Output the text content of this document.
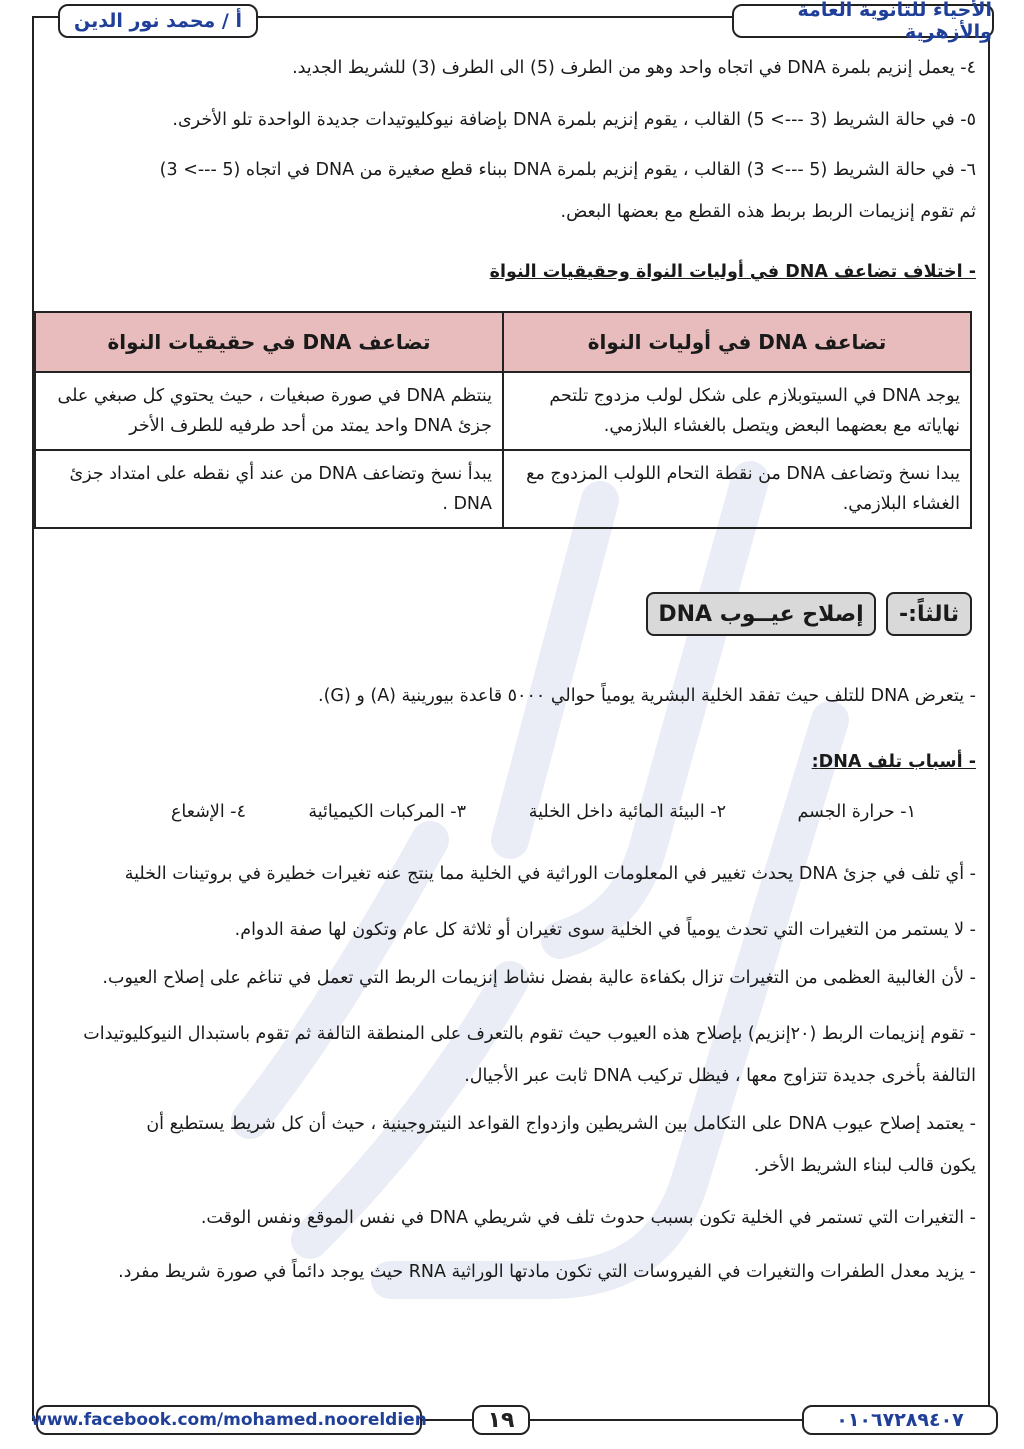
الأحياء للثانوية العامة والأزهرية
أ / محمد نور الدين
٤- يعمل إنزيم بلمرة DNA في اتجاه واحد وهو من الطرف (5) الى الطرف (3) للشريط الجديد.
٥- في حالة الشريط (3 ---> 5) القالب ، يقوم إنزيم بلمرة DNA بإضافة نيوكليوتيدات جديدة الواحدة تلو الأخرى.
٦- في حالة الشريط (5 ---> 3) القالب ، يقوم إنزيم بلمرة DNA ببناء قطع صغيرة من DNA في اتجاه (5 ---> 3)
ثم تقوم إنزيمات الربط بربط هذه القطع مع بعضها البعض.
- اختلاف تضاعف DNA في أوليات النواة وحقيقيات النواة
تضاعف DNA في أوليات النواة	تضاعف DNA في حقيقيات النواة
يوجد DNA في السيتوبلازم على شكل لولب مزدوج تلتحم نهاياته مع بعضهما البعض ويتصل بالغشاء البلازمي.	ينتظم DNA في صورة صبغيات ، حيث يحتوي كل صبغي على جزئ DNA واحد يمتد من أحد طرفيه للطرف الأخر
يبدا نسخ وتضاعف DNA من نقطة التحام اللولب المزدوج مع الغشاء البلازمي.	يبدأ نسخ وتضاعف DNA من عند أي نقطه على امتداد جزئ DNA .
ثالثاً:-
إصلاح عيــوب DNA
- يتعرض DNA للتلف حيث تفقد الخلية البشرية يومياً حوالي ٥٠٠٠ قاعدة بيورينية (A) و (G).
- أسباب تلف DNA:
١- حرارة الجسم
٢- البيئة المائية داخل الخلية
٣- المركبات الكيميائية
٤- الإشعاع
- أي تلف في جزئ DNA يحدث تغيير في المعلومات الوراثية في الخلية مما ينتج عنه تغيرات خطيرة في بروتينات الخلية
- لا يستمر من التغيرات التي تحدث يومياً في الخلية سوى تغيران أو ثلاثة كل عام وتكون لها صفة الدوام.
- لأن الغالبية العظمى من التغيرات تزال بكفاءة عالية بفضل نشاط إنزيمات الربط التي تعمل في تناغم على إصلاح العيوب.
- تقوم إنزيمات الربط (٢٠إنزيم) بإصلاح هذه العيوب حيث تقوم بالتعرف على المنطقة التالفة ثم تقوم باستبدال النيوكليوتيدات
التالفة بأخرى جديدة تتزاوج معها ، فيظل تركيب DNA ثابت عبر الأجيال.
- يعتمد إصلاح عيوب DNA على التكامل بين الشريطين وازدواج القواعد النيتروجينية ، حيث أن كل شريط يستطيع أن
يكون قالب لبناء الشريط الأخر.
- التغيرات التي تستمر في الخلية تكون بسبب حدوث تلف في شريطي DNA في نفس الموقع ونفس الوقت.
- يزيد معدل الطفرات والتغيرات في الفيروسات التي تكون مادتها الوراثية RNA حيث يوجد دائماً في صورة شريط مفرد.
www.facebook.com/mohamed.nooreldien	١٩	٠١٠٦٧٢٨٩٤٠٧
